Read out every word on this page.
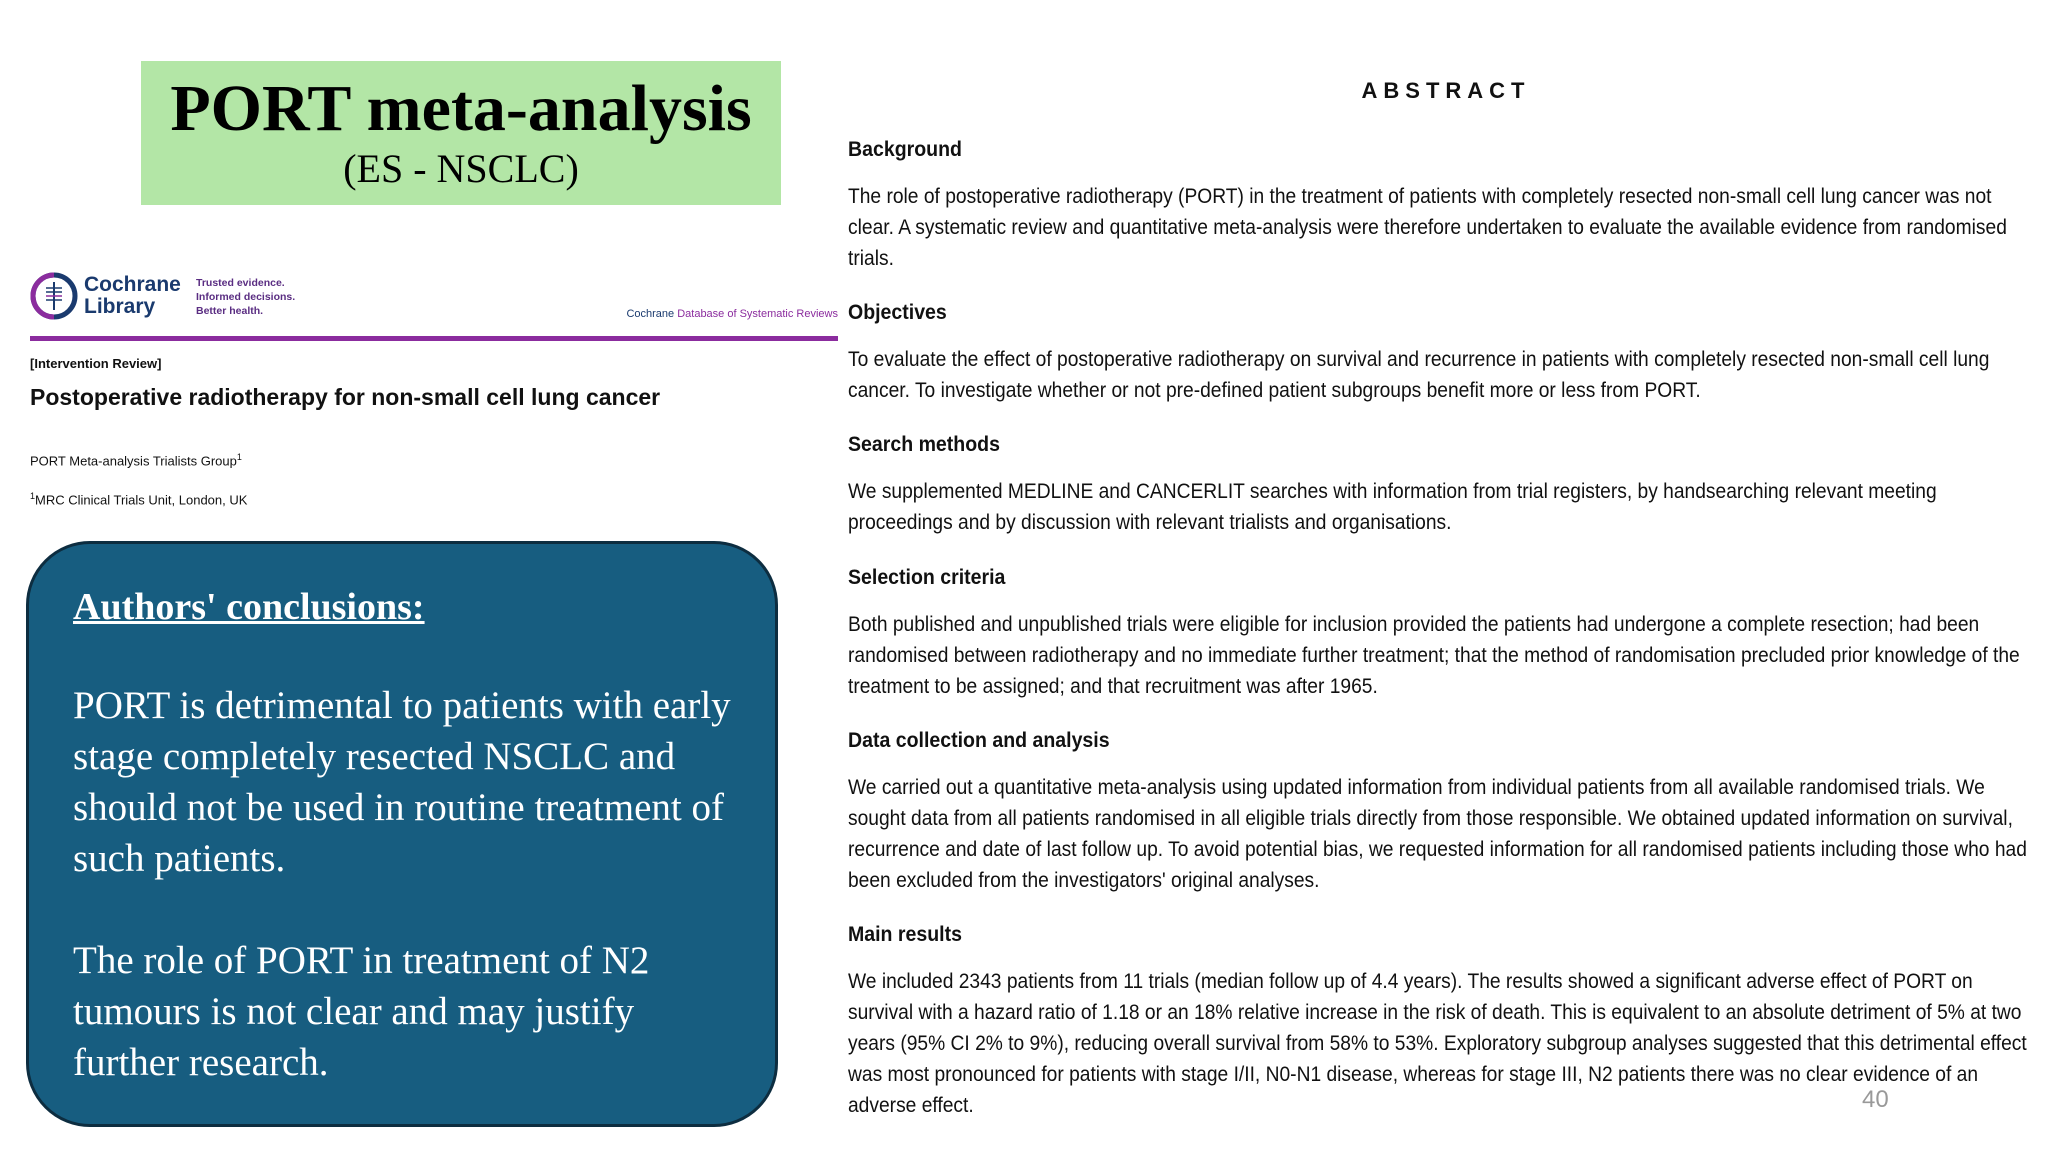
PORT meta-analysis
(ES - NSCLC)
Cochrane
Library
Trusted evidence.
Informed decisions.
Better health.	Cochrane Database of Systematic Reviews
[Intervention Review]
Postoperative radiotherapy for non-small cell lung cancer
PORT Meta-analysis Trialists Group$^1$
$^1$MRC Clinical Trials Unit, London, UK
Authors' conclusions:

PORT is detrimental to patients with early stage completely resected NSCLC and should not be used in routine treatment of such patients.

The role of PORT in treatment of N2 tumours is not clear and may justify further research.

ABSTRACT
Background

The role of postoperative radiotherapy (PORT) in the treatment of patients with completely resected non-small cell lung cancer was not clear. A systematic review and quantitative meta-analysis were therefore undertaken to evaluate the available evidence from randomised trials.

Objectives

To evaluate the effect of postoperative radiotherapy on survival and recurrence in patients with completely resected non-small cell lung cancer. To investigate whether or not pre-defined patient subgroups benefit more or less from PORT.

Search methods

We supplemented MEDLINE and CANCERLIT searches with information from trial registers, by handsearching relevant meeting proceedings and by discussion with relevant trialists and organisations.

Selection criteria

Both published and unpublished trials were eligible for inclusion provided the patients had undergone a complete resection; had been randomised between radiotherapy and no immediate further treatment; that the method of randomisation precluded prior knowledge of the treatment to be assigned; and that recruitment was after 1965.

Data collection and analysis

We carried out a quantitative meta-analysis using updated information from individual patients from all available randomised trials. We sought data from all patients randomised in all eligible trials directly from those responsible. We obtained updated information on survival, recurrence and date of last follow up. To avoid potential bias, we requested information for all randomised patients including those who had been excluded from the investigators' original analyses.

Main results

We included 2343 patients from 11 trials (median follow up of 4.4 years). The results showed a significant adverse effect of PORT on survival with a hazard ratio of 1.18 or an 18% relative increase in the risk of death. This is equivalent to an absolute detriment of 5% at two years (95% CI 2% to 9%), reducing overall survival from 58% to 53%. Exploratory subgroup analyses suggested that this detrimental effect was most pronounced for patients with stage I/II, N0-N1 disease, whereas for stage III, N2 patients there was no clear evidence of an adverse effect.	40
